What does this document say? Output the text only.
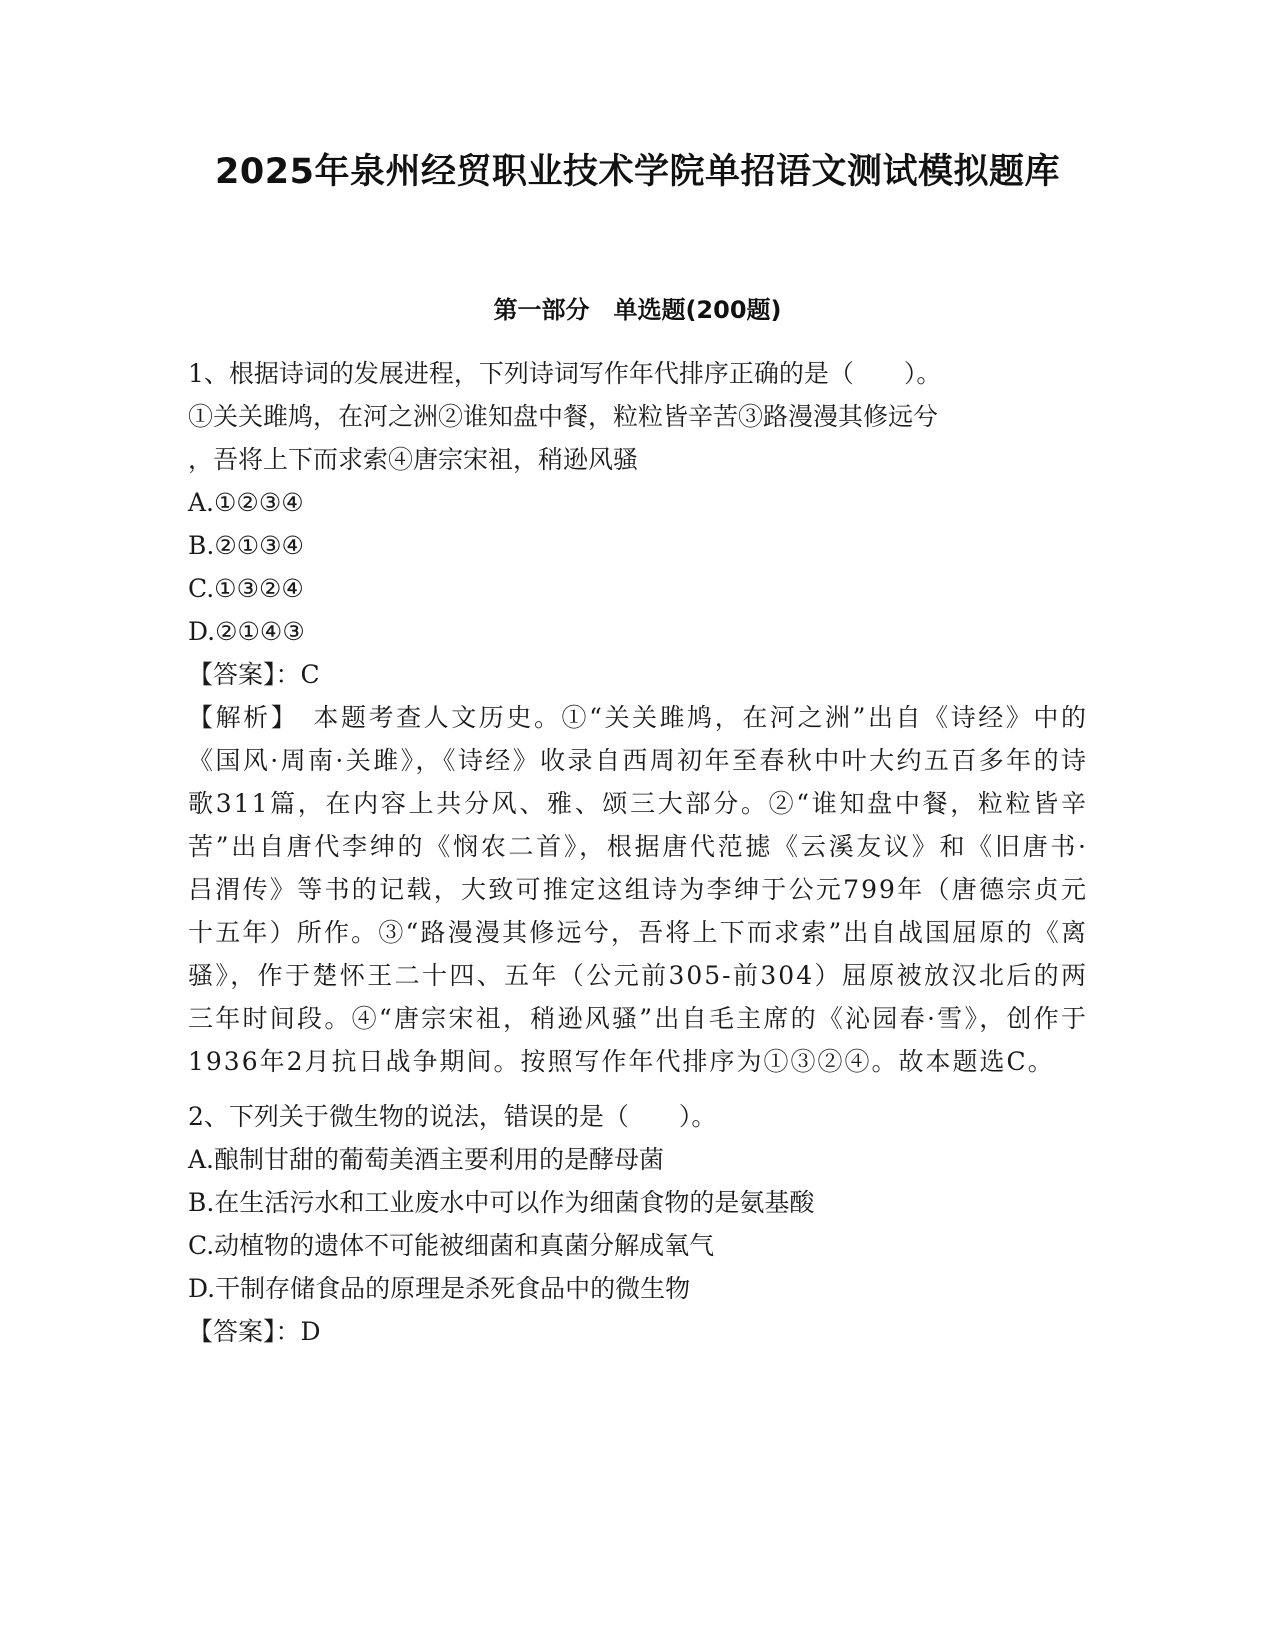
2025年泉州经贸职业技术学院单招语文测试模拟题库
第一部分　单选题(200题)
1、根据诗词的发展进程，下列诗词写作年代排序正确的是（　　）。
①关关雎鸠，在河之洲②谁知盘中餐，粒粒皆辛苦③路漫漫其修远兮
，吾将上下而求索④唐宗宋祖，稍逊风骚
A.①②③④
B.②①③④
C.①③②④
D.②①④③
【答案】：C
【解析】　本题考查人文历史。①“关关雎鸠，在河之洲”出自《诗经》中的《国风·周南·关雎》，《诗经》收录自西周初年至春秋中叶大约五百多年的诗歌311篇，在内容上共分风、雅、颂三大部分。②“谁知盘中餐，粒粒皆辛苦”出自唐代李绅的《悯农二首》，根据唐代范摅《云溪友议》和《旧唐书·吕渭传》等书的记载，大致可推定这组诗为李绅于公元799年（唐德宗贞元十五年）所作。③“路漫漫其修远兮，吾将上下而求索”出自战国屈原的《离骚》，作于楚怀王二十四、五年（公元前305-前304）屈原被放汉北后的两三年时间段。④“唐宗宋祖，稍逊风骚”出自毛主席的《沁园春·雪》，创作于1936年2月抗日战争期间。按照写作年代排序为①③②④。故本题选C。
2、下列关于微生物的说法，错误的是（　　）。
A.酿制甘甜的葡萄美酒主要利用的是酵母菌
B.在生活污水和工业废水中可以作为细菌食物的是氨基酸
C.动植物的遗体不可能被细菌和真菌分解成氧气
D.干制存储食品的原理是杀死食品中的微生物
【答案】：D
